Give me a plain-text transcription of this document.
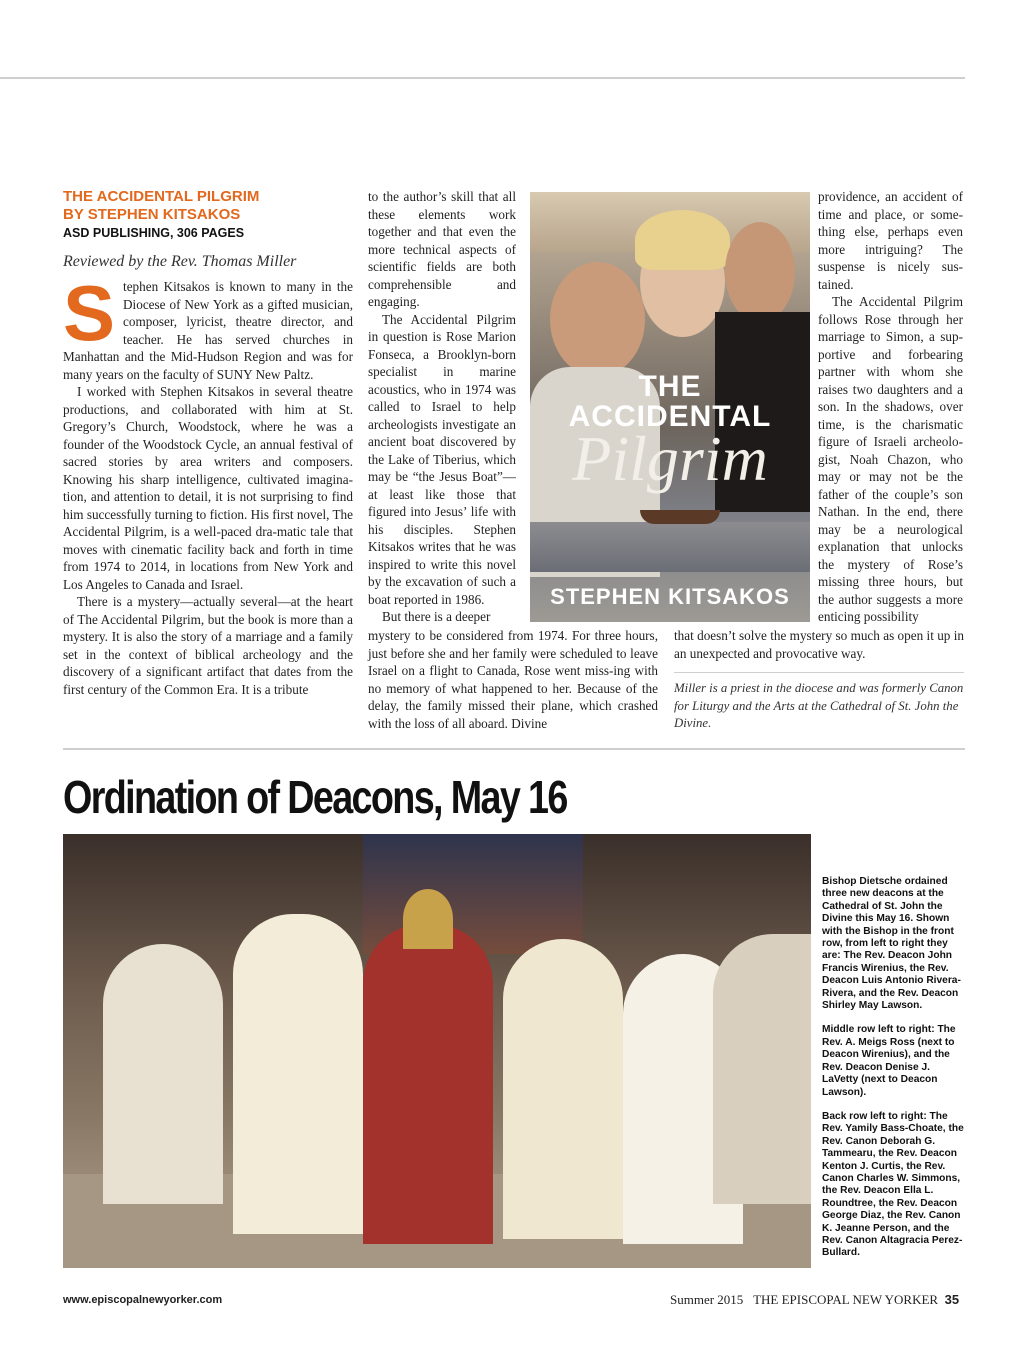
THE ACCIDENTAL PILGRIM
BY STEPHEN KITSAKOS
ASD PUBLISHING, 306 PAGES
Reviewed by the Rev. Thomas Miller

Stephen Kitsakos is known to many in the Diocese of New York as a gifted musician, composer, lyricist, theatre director, and teacher. He has served churches in Manhattan and the Mid-Hudson Region and was for many years on the faculty of SUNY New Paltz.

I worked with Stephen Kitsakos in several theatre productions, and collaborated with him at St. Gregory’s Church, Woodstock, where he was a founder of the Woodstock Cycle, an annual festival of sacred stories by area writers and composers. Knowing his sharp intelligence, cultivated imagina-tion, and attention to detail, it is not surprising to find him successfully turning to fiction. His first novel, The Accidental Pilgrim, is a well-paced dra-matic tale that moves with cinematic facility back and forth in time from 1974 to 2014, in locations from New York and Los Angeles to Canada and Israel.

There is a mystery—actually several—at the heart of The Accidental Pilgrim, but the book is more than a mystery. It is also the story of a marriage and a family set in the context of biblical archeology and the discovery of a significant artifact that dates from the first century of the Common Era. It is a tribute

to the author’s skill that all these elements work together and that even the more technical aspects of scientific fields are both comprehensible and engaging.

The Accidental Pilgrim in question is Rose Marion Fonseca, a Brooklyn-born specialist in marine acoustics, who in 1974 was called to Israel to help archeologists investigate an ancient boat discovered by the Lake of Tiberius, which may be “the Jesus Boat”—at least like those that figured into Jesus’ life with his disciples. Stephen Kitsakos writes that he was inspired to write this novel by the excavation of such a boat reported in 1986.

But there is a deeper

mystery to be considered from 1974. For three hours, just before she and her family were scheduled to leave Israel on a flight to Canada, Rose went miss-ing with no memory of what happened to her. Because of the delay, the family missed their plane, which crashed with the loss of all aboard. Divine

THE
ACCIDENTAL
Pilgrim
STEPHEN KITSAKOS

providence, an accident of time and place, or some-thing else, perhaps even more intriguing? The suspense is nicely sus-tained.

The Accidental Pilgrim follows Rose through her marriage to Simon, a sup-portive and forbearing partner with whom she raises two daughters and a son. In the shadows, over time, is the charismatic figure of Israeli archeolo-gist, Noah Chazon, who may or may not be the father of the couple’s son Nathan. In the end, there may be a neurological explanation that unlocks the mystery of Rose’s missing three hours, but the author suggests a more enticing possibility

that doesn’t solve the mystery so much as open it up in an unexpected and provocative way.

Miller is a priest in the diocese and was formerly Canon for Liturgy and the Arts at the Cathedral of St. John the Divine.
Ordination of Deacons, May 16

Bishop Dietsche ordained three new deacons at the Cathedral of St. John the Divine this May 16. Shown with the Bishop in the front row, from left to right they are: The Rev. Deacon John Francis Wirenius, the Rev. Deacon Luis Antonio Rivera-Rivera, and the Rev. Deacon Shirley May Lawson.

Middle row left to right: The Rev. A. Meigs Ross (next to Deacon Wirenius), and the Rev. Deacon Denise J. LaVetty (next to Deacon Lawson).

Back row left to right: The Rev. Yamily Bass-Choate, the Rev. Canon Deborah G. Tammearu, the Rev. Deacon Kenton J. Curtis, the Rev. Canon Charles W. Simmons, the Rev. Deacon Ella L. Roundtree, the Rev. Deacon George Diaz, the Rev. Canon K. Jeanne Person, and the Rev. Canon Altagracia Perez-Bullard.

www.episcopalnewyorker.com	Summer 2015 THE EPISCOPAL NEW YORKER 35
